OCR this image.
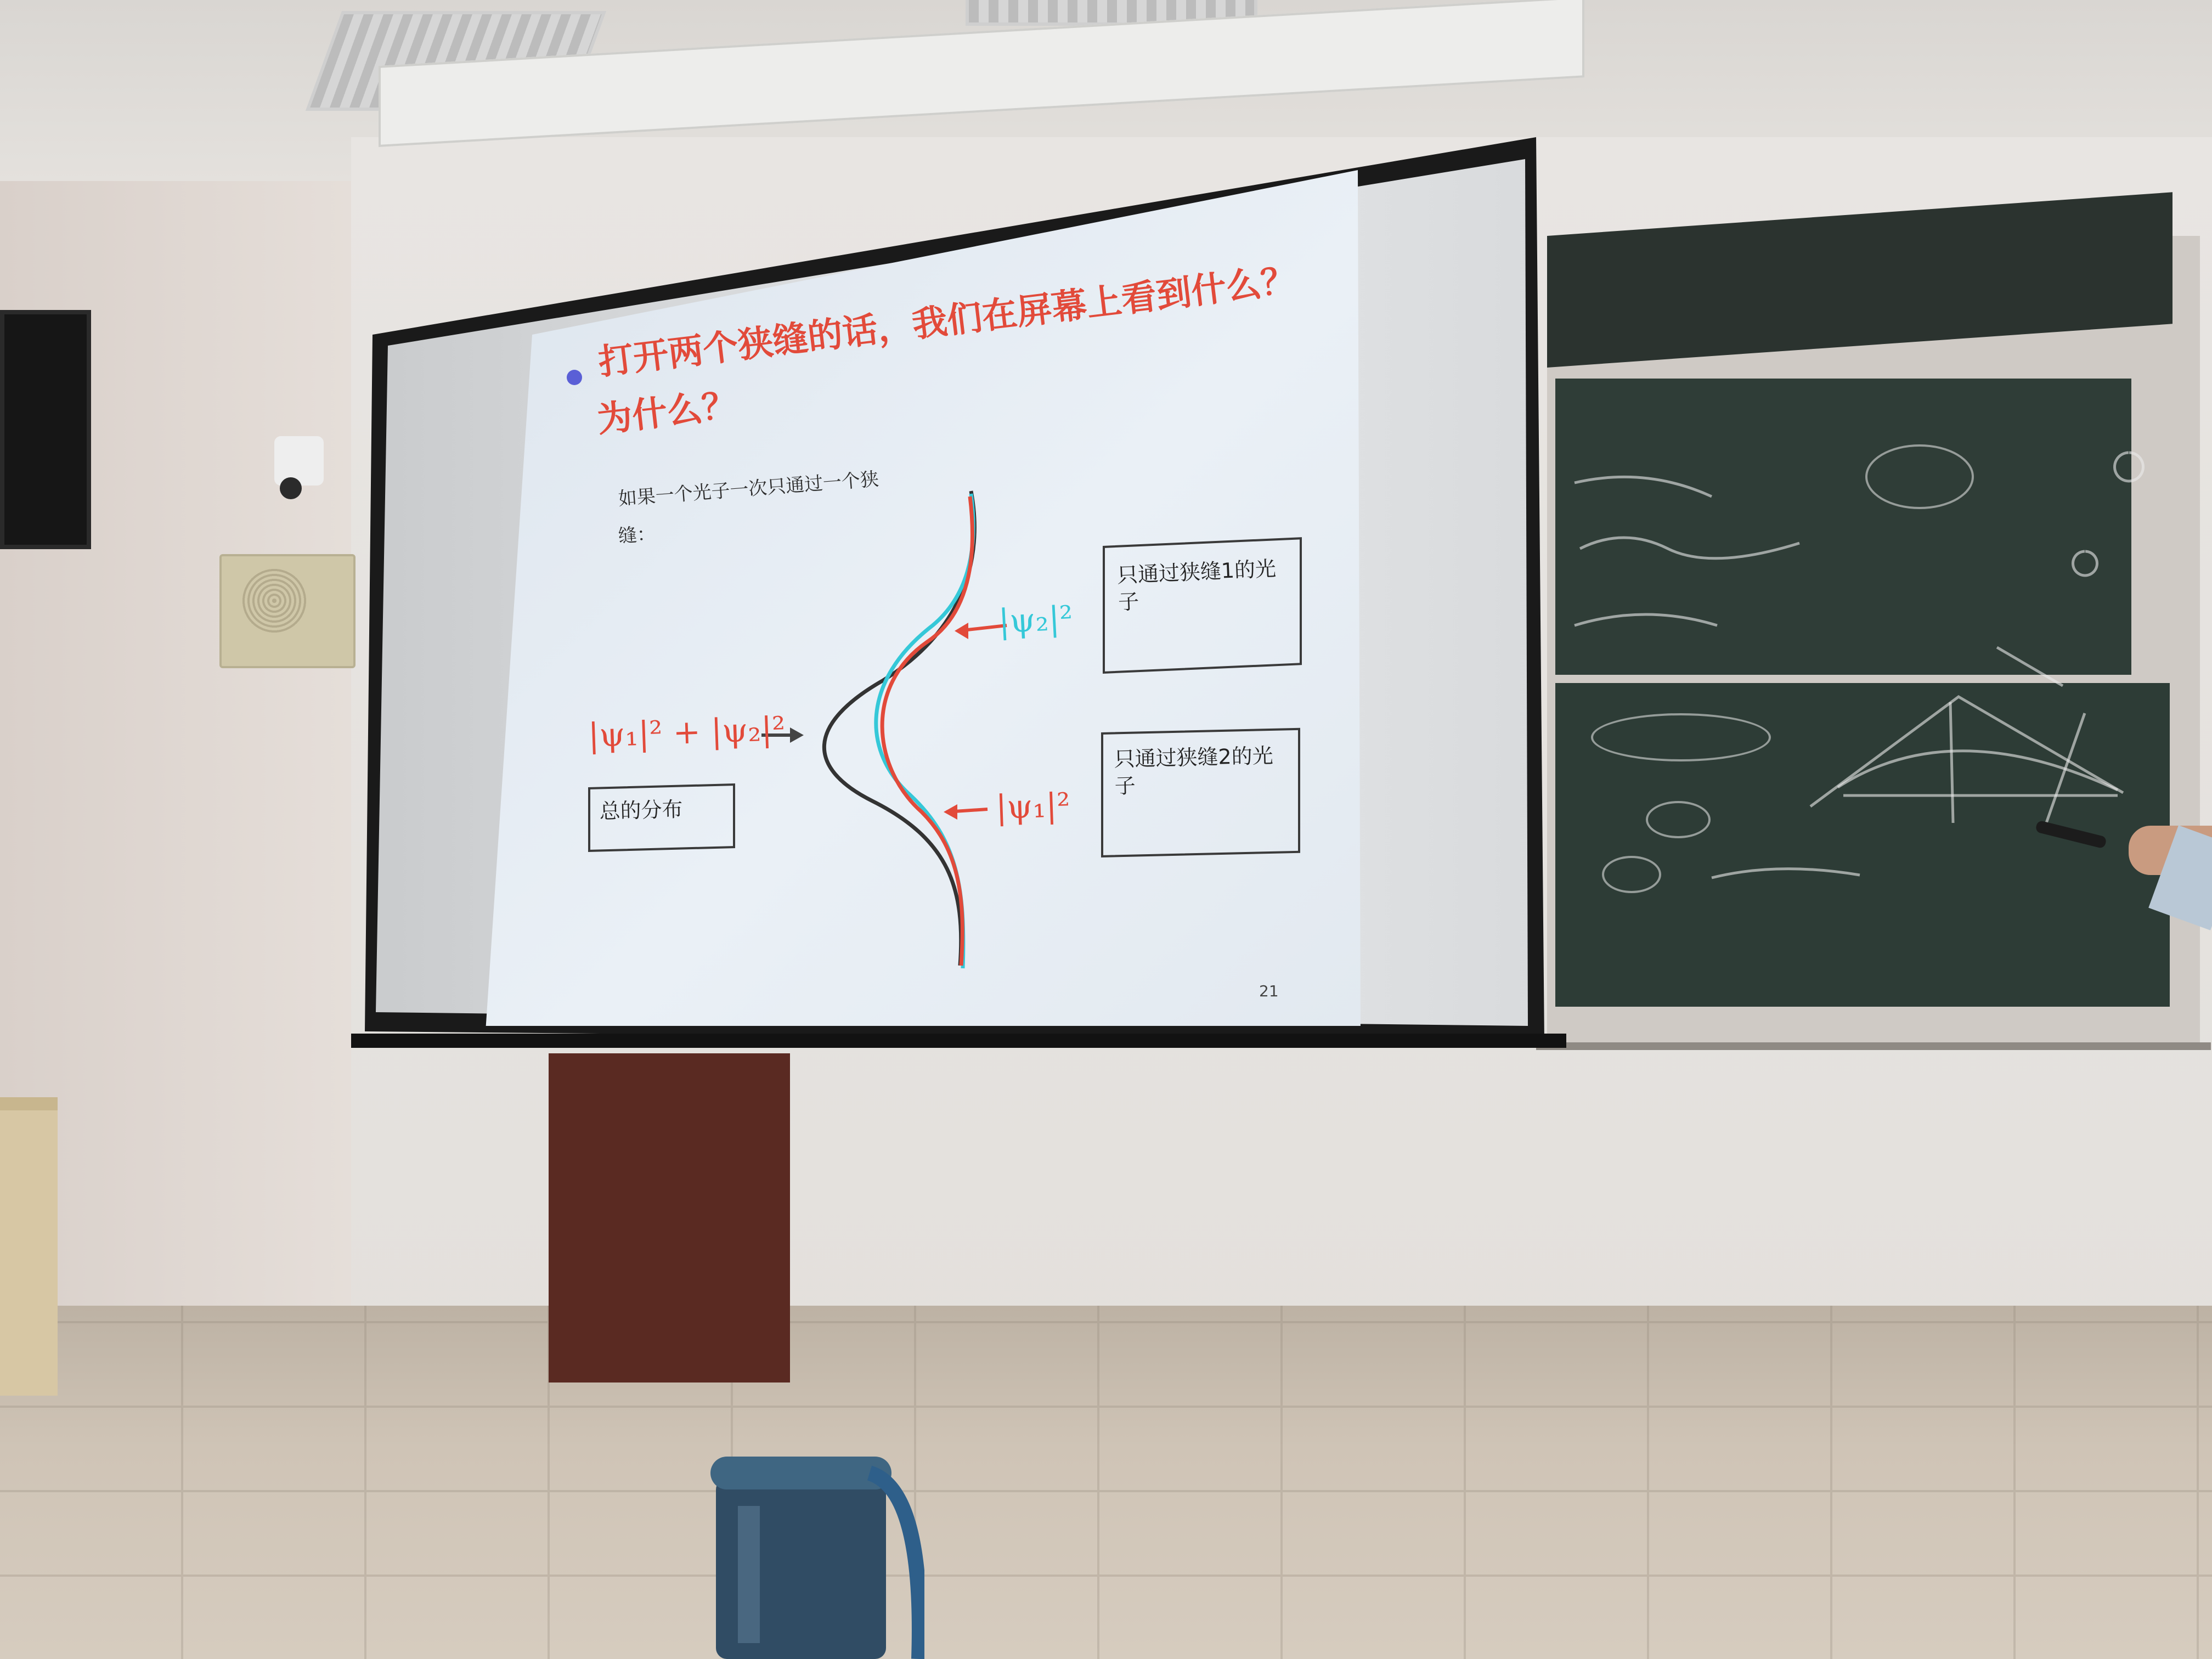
打开两个狭缝的话，我们在屏幕上看到什么？
为什么？
如果一个光子一次只通过一个狭
缝：
只通过狭缝1的光子
只通过狭缝2的光子
总的分布
|ψ₂|²
|ψ₁|²
|ψ₁|² + |ψ₂|²
21
